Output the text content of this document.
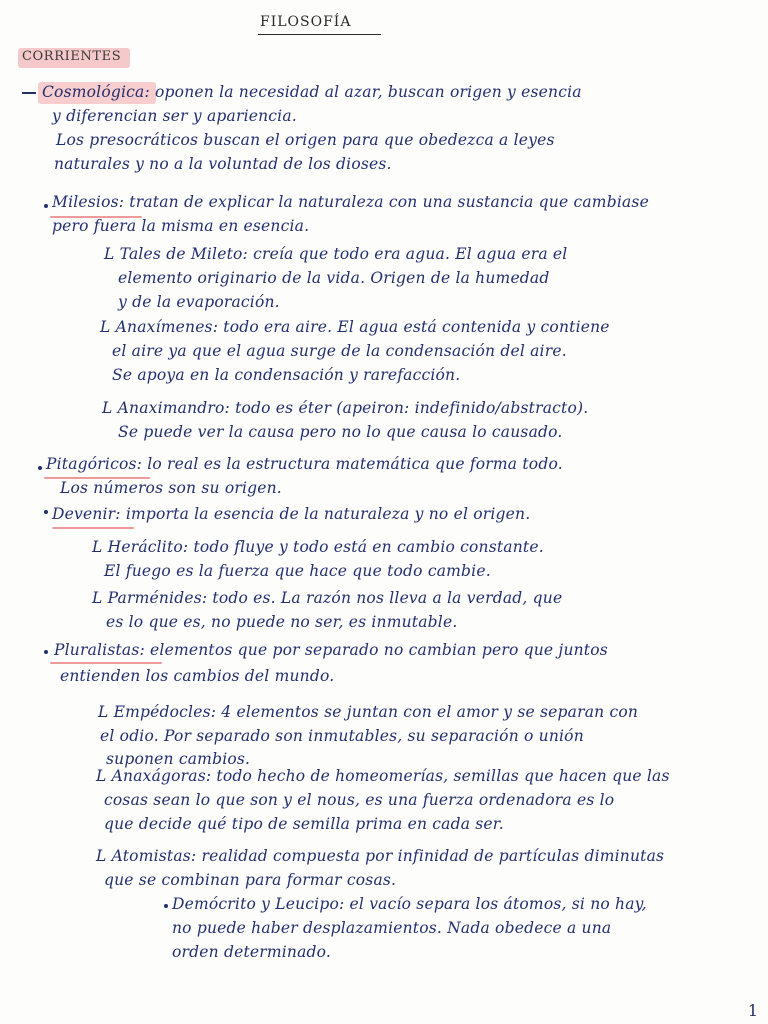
FILOSOFÍA
CORRIENTES
Cosmológica: oponen la necesidad al azar, buscan origen y esencia
y diferencian ser y apariencia.
Los presocráticos buscan el origen para que obedezca a leyes
naturales y no a la voluntad de los dioses.
Milesios: tratan de explicar la naturaleza con una sustancia que cambiase
pero fuera la misma en esencia.
L Tales de Mileto: creía que todo era agua. El agua era el
elemento originario de la vida. Origen de la humedad
y de la evaporación.
L Anaxímenes: todo era aire. El agua está contenida y contiene
el aire ya que el agua surge de la condensación del aire.
Se apoya en la condensación y rarefacción.
L Anaximandro: todo es éter (apeiron: indefinido/abstracto).
Se puede ver la causa pero no lo que causa lo causado.
Pitagóricos: lo real es la estructura matemática que forma todo.
Los números son su origen.
Devenir: importa la esencia de la naturaleza y no el origen.
L Heráclito: todo fluye y todo está en cambio constante.
El fuego es la fuerza que hace que todo cambie.
L Parménides: todo es. La razón nos lleva a la verdad, que
es lo que es, no puede no ser, es inmutable.
Pluralistas: elementos que por separado no cambian pero que juntos
entienden los cambios del mundo.
L Empédocles: 4 elementos se juntan con el amor y se separan con
el odio. Por separado son inmutables, su separación o unión
suponen cambios.
L Anaxágoras: todo hecho de homeomerías, semillas que hacen que las
cosas sean lo que son y el nous, es una fuerza ordenadora es lo
que decide qué tipo de semilla prima en cada ser.
L Atomistas: realidad compuesta por infinidad de partículas diminutas
que se combinan para formar cosas.
Demócrito y Leucipo: el vacío separa los átomos, si no hay,
no puede haber desplazamientos. Nada obedece a una
orden determinado.
1
